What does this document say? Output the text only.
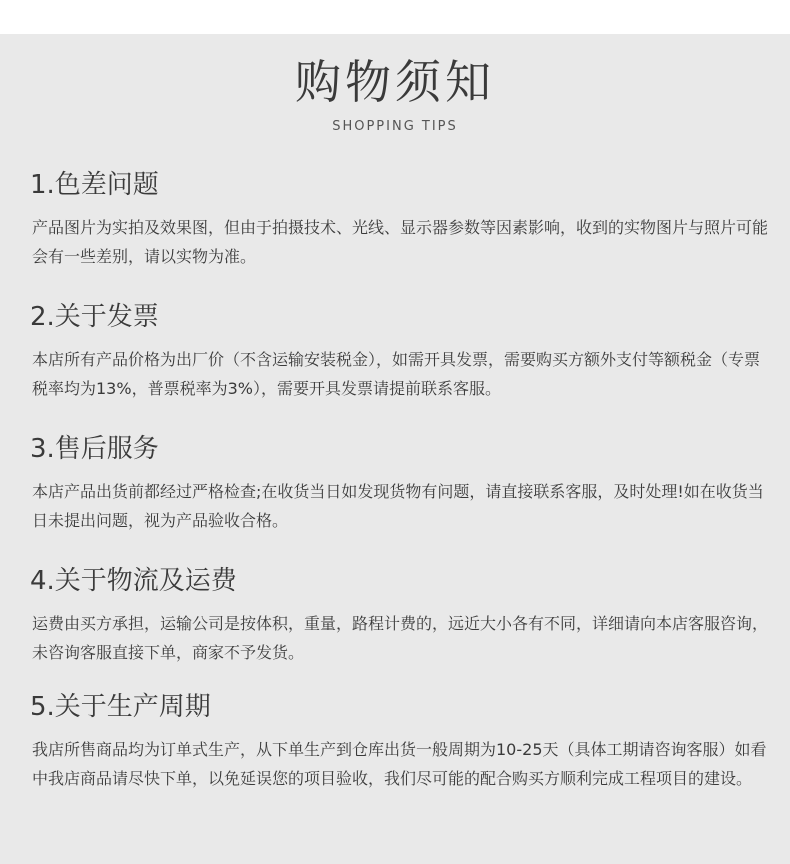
购物须知
SHOPPING TIPS
1.色差问题
产品图片为实拍及效果图，但由于拍摄技术、光线、显示器参数等因素影响，收到的实物图片与照片可能会有一些差别，请以实物为准。
2.关于发票
本店所有产品价格为出厂价（不含运输安装税金），如需开具发票，需要购买方额外支付等额税金（专票税率均为13%，普票税率为3%），需要开具发票请提前联系客服。
3.售后服务
本店产品出货前都经过严格检查;在收货当日如发现货物有问题，请直接联系客服，及时处理!如在收货当日未提出问题，视为产品验收合格。
4.关于物流及运费
运费由买方承担，运输公司是按体积，重量，路程计费的，远近大小各有不同，详细请向本店客服咨询，未咨询客服直接下单，商家不予发货。
5.关于生产周期
我店所售商品均为订单式生产，从下单生产到仓库出货一般周期为10-25天（具体工期请咨询客服）如看中我店商品请尽快下单，以免延误您的项目验收，我们尽可能的配合购买方顺利完成工程项目的建设。
